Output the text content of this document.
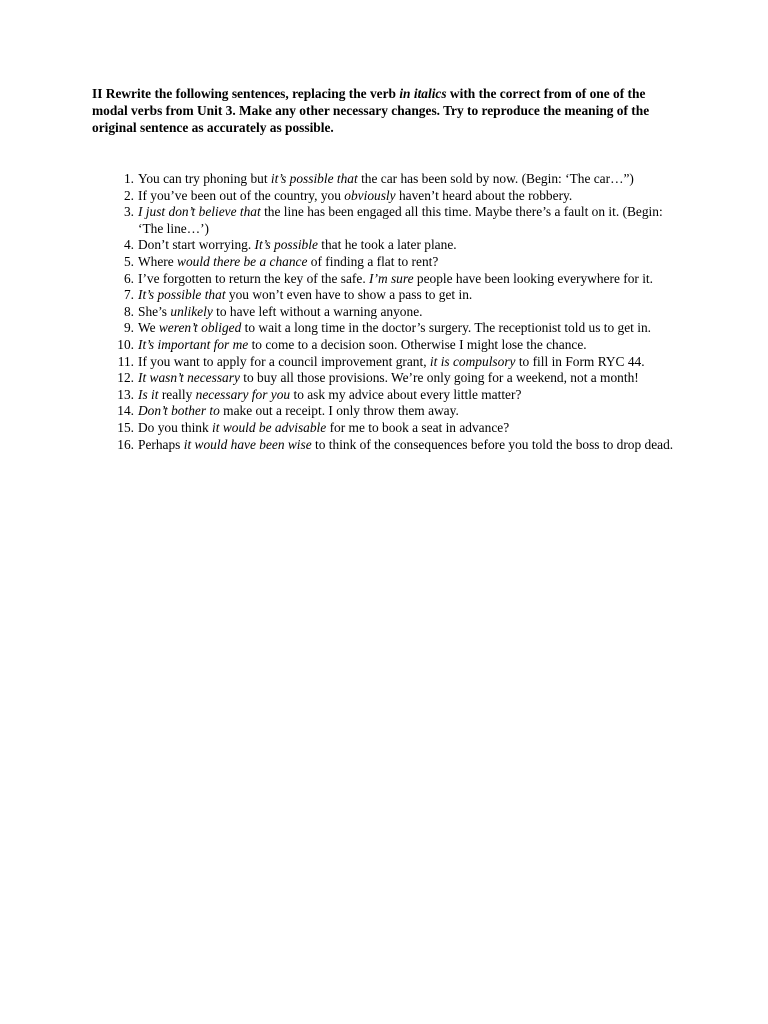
II Rewrite the following sentences, replacing the verb in italics with the correct from of one of the modal verbs from Unit 3. Make any other necessary changes. Try to reproduce the meaning of the original sentence as accurately as possible.

1. You can try phoning but it’s possible that the car has been sold by now. (Begin: ‘The car…”)
2. If you’ve been out of the country, you obviously haven’t heard about the robbery.
3. I just don’t believe that the line has been engaged all this time. Maybe there’s a fault on it. (Begin: ‘The line…’)
4. Don’t start worrying. It’s possible that he took a later plane.
5. Where would there be a chance of finding a flat to rent?
6. I’ve forgotten to return the key of the safe. I’m sure people have been looking everywhere for it.
7. It’s possible that you won’t even have to show a pass to get in.
8. She’s unlikely to have left without a warning anyone.
9. We weren’t obliged to wait a long time in the doctor’s surgery. The receptionist told us to get in.
10. It’s important for me to come to a decision soon. Otherwise I might lose the chance.
11. If you want to apply for a council improvement grant, it is compulsory to fill in Form RYC 44.
12. It wasn’t necessary to buy all those provisions. We’re only going for a weekend, not a month!
13. Is it really necessary for you to ask my advice about every little matter?
14. Don’t bother to make out a receipt. I only throw them away.
15. Do you think it would be advisable for me to book a seat in advance?
16. Perhaps it would have been wise to think of the consequences before you told the boss to drop dead.
